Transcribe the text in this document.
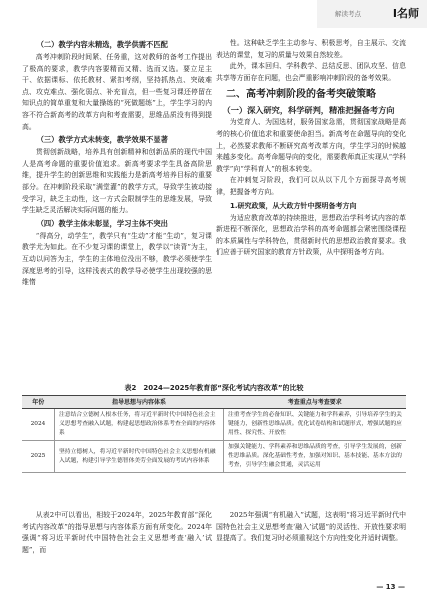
解读考点	I名师
（二）教学内容未精选，教学供需不匹配

高考冲刺阶段时间紧、任务重，这对教师的备考工作提出了极高的要求，教学内容要精而又精、选而又选。要立足主干、依据课标、依托教材、紧扣考纲，坚持抓热点、突破难点、攻克难点、强化弱点、补充盲点，但一些复习课还停留在知识点的简单重复和大量操练的“死做题练”上，学生学习的内容不符合新高考的改革方向和考查需要，思维品质没有得到提高。

（三）教学方式未转变，教学效果不显著

贯彻创新战略，培养具有创新精神和创新品质的现代中国人是高考命题的重要价值追求。新高考要求学生具备高阶思维，提升学生的创新思维和实践能力是新高考培养目标的重要部分。在冲刺阶段采取“满堂灌”的教学方式，导致学生被动接受学习，缺乏主动性，这一方式会限制学生的思维发展，导致学生缺乏灵活解决实际问题的能力。

（四）教学主体未彰显，学习主体不突出

“得高分，动学生”，教学只有“生动”才能“生动”，复习课教学尤为如此。在不少复习课的课堂上，教学以“读背”为主，互动以问答为主，学生的主体地位没出不够，教学必须使学生深度思考的引导，这样浅表式的教学导必使学生出现较强的思维惰

性。这种缺乏学生主动参与、积极思考，自主展示、交流表达的课堂，复习的质量与效果自然较差。

此外，课本回归、学科教学、总结反思、团队攻坚、信息共享等方面存在问题，也会严重影响冲刺阶段的备考效果。

二、高考冲刺阶段的备考突破策略
（一）深入研究，科学研判，精准把握备考方向

为党育人、为国选材，服务国家急需，贯彻国家战略是高考的核心价值追求和重要使命担当。新高考在命题导向的变化上，必然要求教师不断研究高考改革方向，学生学习的时候越来越多变化。高考命题导向的变化，需要教师真正实现从“学科教学”向“学科育人”的根本转变。

在冲刺复习阶段，我们可以从以下几个方面探寻高考规律，把握备考方向。

1.研究政策，从大政方针中探明备考方向

为适应教育改革的持续推进，思想政治学科考试内容的革新进程不断深化，思想政治学科的高考命题都会紧密围绕课程的本质属性与学科特色，贯彻新时代的思想政治教育要求。我们应善于研究国家的教育方针政策，从中探明备考方向。

表2　2024—2025年教育部“深化考试内容改革”的比较
年份	指导思想与内容体系	考查重点与考查要求
2024	注意结合立德树人根本任务，将习近平新时代中国特色社会主义思想考查融入试题，构建起思想政治体系考查全面的内容体系	注重考查学生的必备知识、关键能力和学科素养，引导培养学生的关键能力，创新性思维品质。优化试卷结构和试题形式，增强试题的应用性、探究性、开放性
2025	坚持立德树人，将习近平新时代中国特色社会主义思想有机融入试题，构建引导学生德智体美劳全面发展的考试内容体系	加强关键能力、学科素养和思维品质的考查，引导学生发展的，创新性思维品质。深化基础性考查，加强对知识、基本技能、基本方法的考查，引导学生融会贯通，灵活运用

从表2中可以看出，相较于2024年，2025年教育部“深化考试内容改革”的指导思想与内容体系方面有所变化。2024年强调“将习近平新时代中国特色社会主义思想考查‘融入’试题”，而

2025年强调“有机融入”试题，这表明“将习近平新时代中国特色社会主义思想考查‘融入’试题”的灵活性、开放性要求明显提高了。我们复习时必须重视这个方向性变化并适时调整。

— 13 —
